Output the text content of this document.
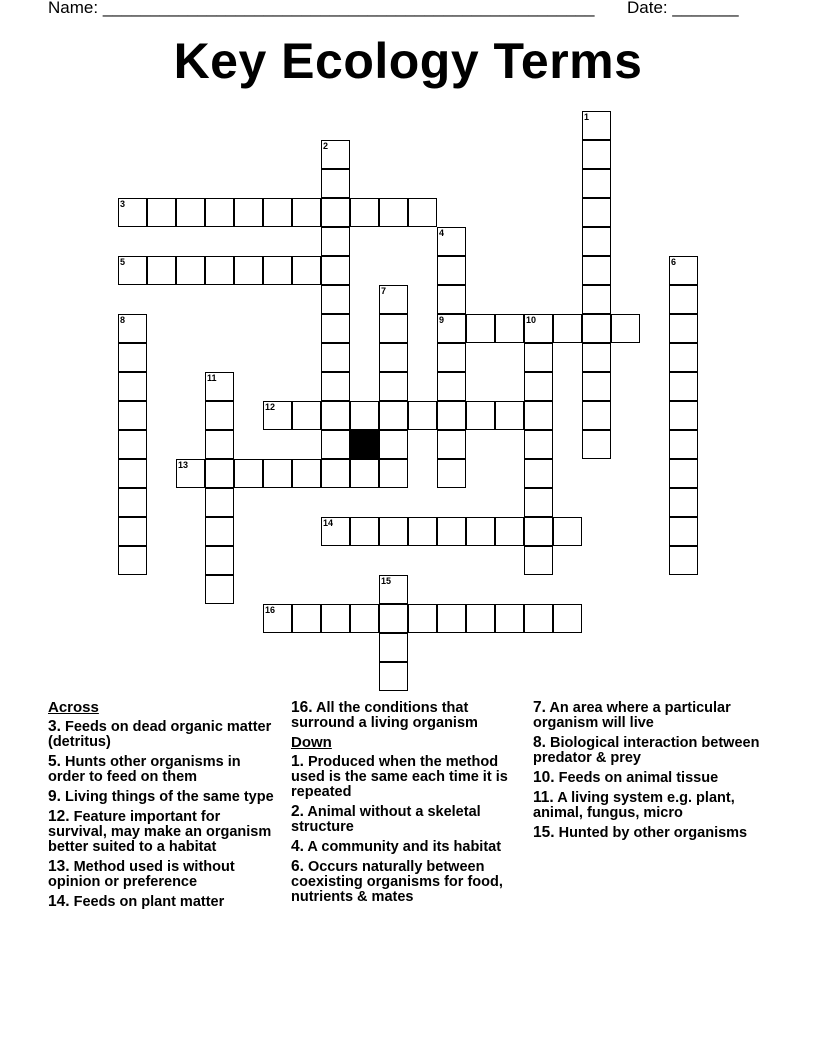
Name: ____________________________________________________ Date: _______
Key Ecology Terms
1
2
3
4
9
5	6
7
8	10
11
12
13
14
15
16
Across
3. Feeds on dead organic matter (detritus)
5. Hunts other organisms in order to feed on them
9. Living things of the same type
12. Feature important for survival, may make an organism better suited to a habitat
13. Method used is without opinion or preference
14. Feeds on plant matter
16. All the conditions that surround a living organism
Down
1. Produced when the method used is the same each time it is repeated
2. Animal without a skeletal structure
4. A community and its habitat
6. Occurs naturally between coexisting organisms for food, nutrients & mates
7. An area where a particular organism will live
8. Biological interaction between predator & prey
10. Feeds on animal tissue
11. A living system e.g. plant, animal, fungus, micro
15. Hunted by other organisms
